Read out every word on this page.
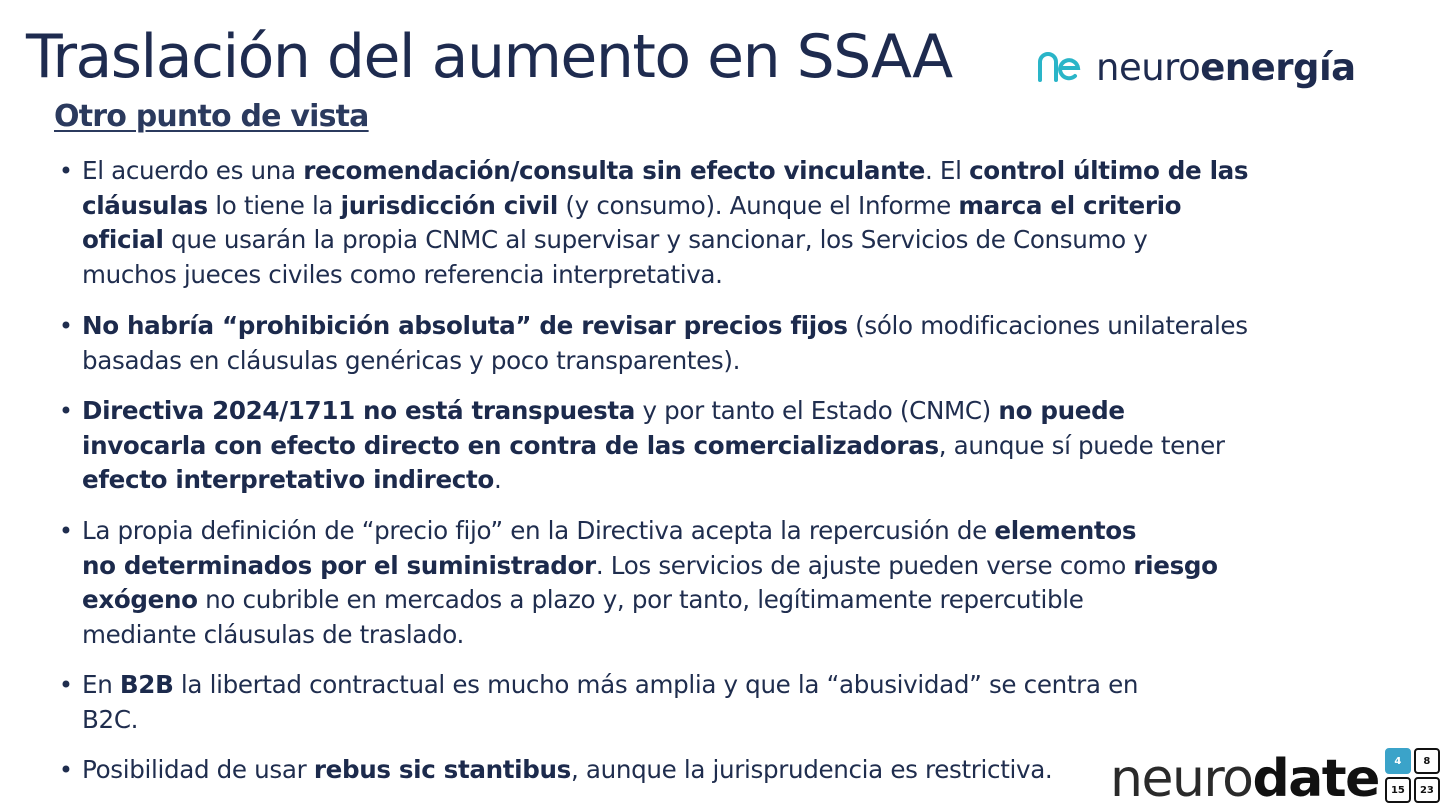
Traslación del aumento en SSAA	neuroenergía
Otro punto de vista
• El acuerdo es una recomendación/consulta sin efecto vinculante. El control último de las
cláusulas lo tiene la jurisdicción civil (y consumo). Aunque el Informe marca el criterio
oficial que usarán la propia CNMC al supervisar y sancionar, los Servicios de Consumo y
muchos jueces civiles como referencia interpretativa.
• No habría “prohibición absoluta” de revisar precios fijos (sólo modificaciones unilaterales
basadas en cláusulas genéricas y poco transparentes).
• Directiva 2024/1711 no está transpuesta y por tanto el Estado (CNMC) no puede
invocarla con efecto directo en contra de las comercializadoras, aunque sí puede tener
efecto interpretativo indirecto.
• La propia definición de “precio fijo” en la Directiva acepta la repercusión de elementos
no determinados por el suministrador. Los servicios de ajuste pueden verse como riesgo
exógeno no cubrible en mercados a plazo y, por tanto, legítimamente repercutible
mediante cláusulas de traslado.
• En B2B la libertad contractual es mucho más amplia y que la “abusividad” se centra en
B2C.
• Posibilidad de usar rebus sic stantibus, aunque la jurisprudencia es restrictiva. neurodate	4	8
15	23
